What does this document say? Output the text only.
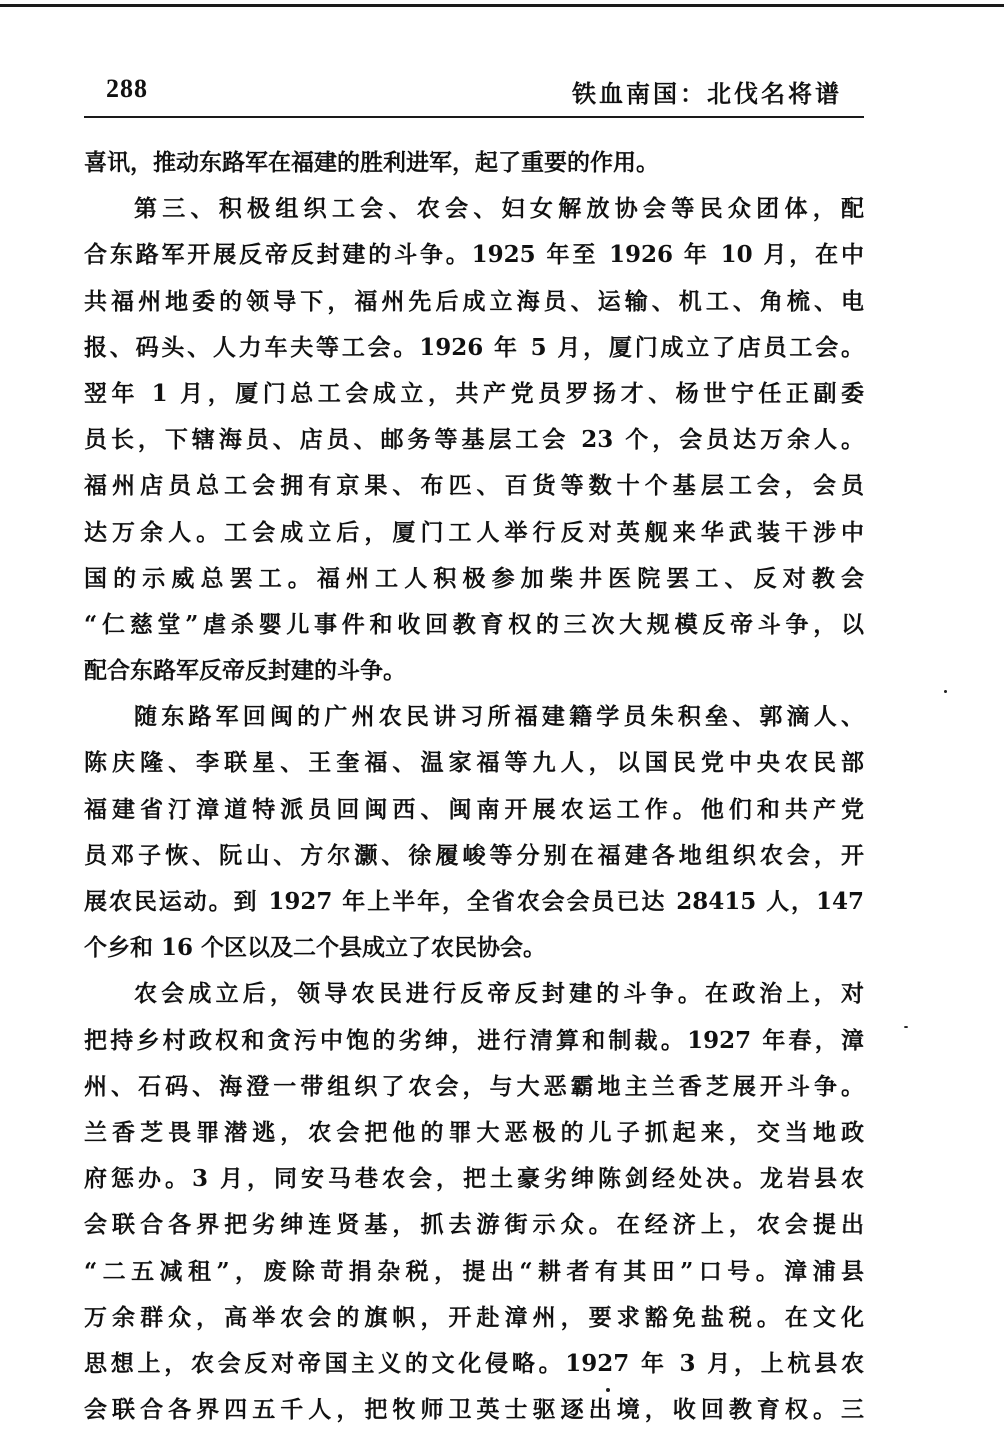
288	铁血南国：北伐名将谱
喜讯，推动东路军在福建的胜利进军，起了重要的作用。
第三、积极组织工会、农会、妇女解放协会等民众团体，配
合东路军开展反帝反封建的斗争。1925 年至 1926 年 10 月，在中
共福州地委的领导下，福州先后成立海员、运输、机工、角梳、电
报、码头、人力车夫等工会。1926 年 5 月，厦门成立了店员工会。
翌年 1 月，厦门总工会成立，共产党员罗扬才、杨世宁任正副委
员长，下辖海员、店员、邮务等基层工会 23 个，会员达万余人。
福州店员总工会拥有京果、布匹、百货等数十个基层工会，会员
达万余人。工会成立后，厦门工人举行反对英舰来华武装干涉中
国的示威总罢工。福州工人积极参加柴井医院罢工、反对教会
“仁慈堂”虐杀婴儿事件和收回教育权的三次大规模反帝斗争，以
配合东路军反帝反封建的斗争。
随东路军回闽的广州农民讲习所福建籍学员朱积垒、郭滴人、
陈庆隆、李联星、王奎福、温家福等九人，以国民党中央农民部
福建省汀漳道特派员回闽西、闽南开展农运工作。他们和共产党
员邓子恢、阮山、方尔灏、徐履峻等分别在福建各地组织农会，开
展农民运动。到 1927 年上半年，全省农会会员已达 28415 人，147
个乡和 16 个区以及二个县成立了农民协会。
农会成立后，领导农民进行反帝反封建的斗争。在政治上，对
把持乡村政权和贪污中饱的劣绅，进行清算和制裁。1927 年春，漳
州、石码、海澄一带组织了农会，与大恶霸地主兰香芝展开斗争。
兰香芝畏罪潜逃，农会把他的罪大恶极的儿子抓起来，交当地政
府惩办。3 月，同安马巷农会，把土豪劣绅陈剑经处决。龙岩县农
会联合各界把劣绅连贤基，抓去游街示众。在经济上，农会提出
“二五减租”，废除苛捐杂税，提出“耕者有其田”口号。漳浦县
万余群众，高举农会的旗帜，开赴漳州，要求豁免盐税。在文化
思想上，农会反对帝国主义的文化侵略。1927 年 3 月，上杭县农
会联合各界四五千人，把牧师卫英士驱逐出境，收回教育权。三
